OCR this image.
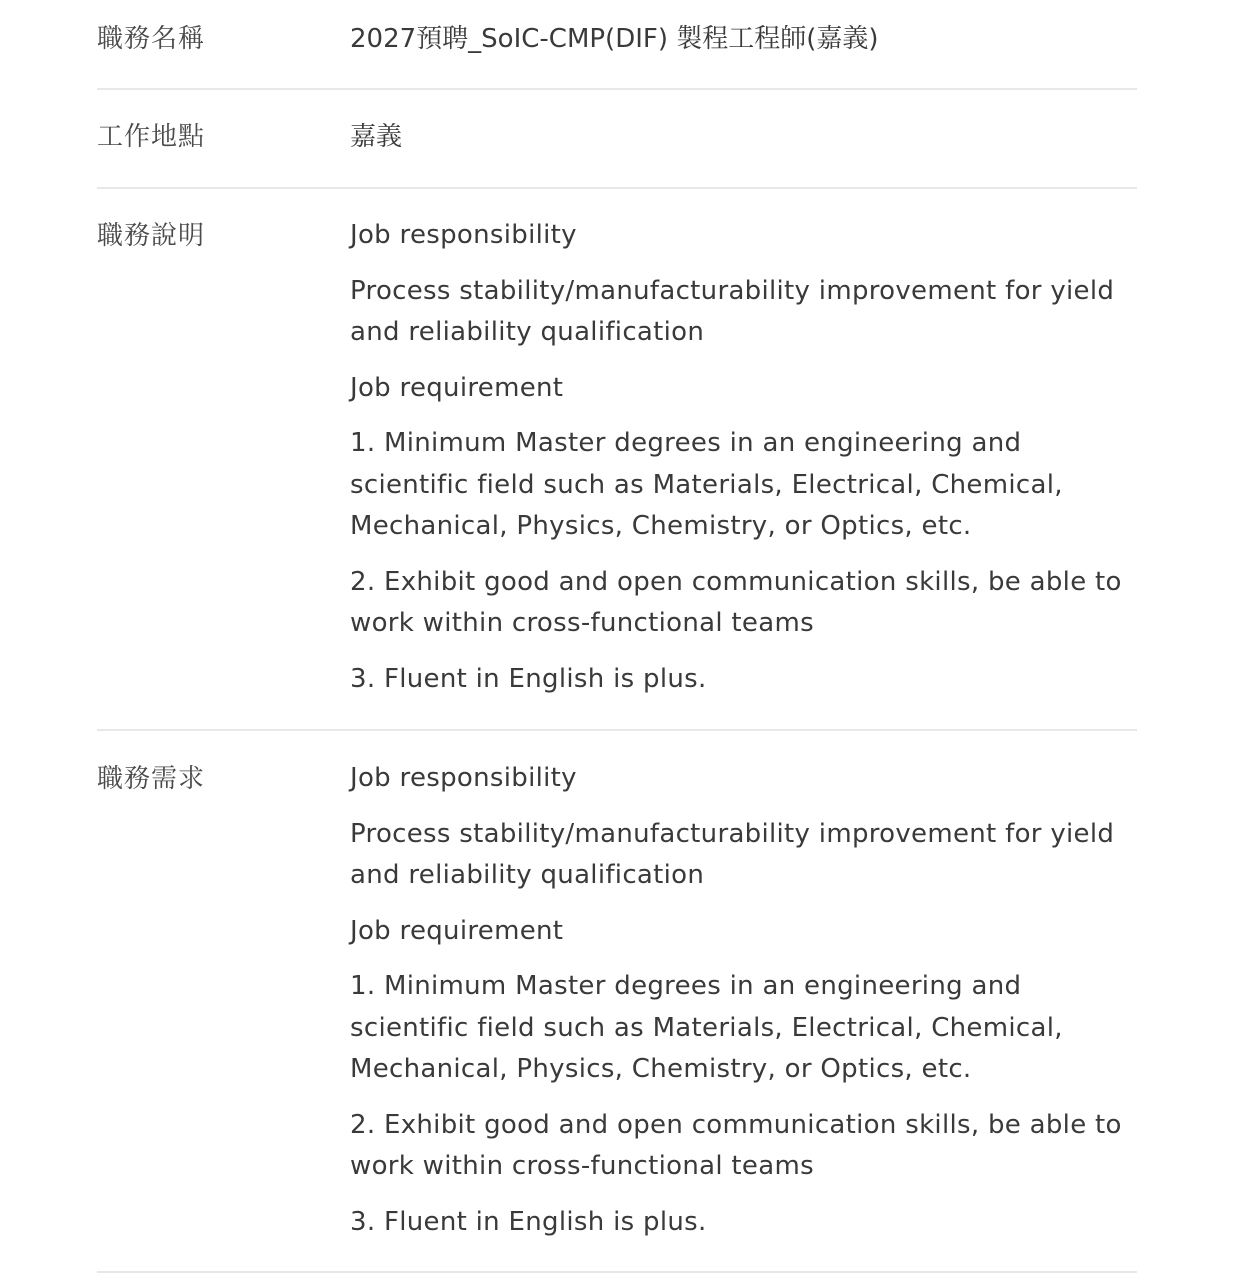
職務名稱	2027預聘_SoIC-CMP(DIF) 製程工程師(嘉義)
工作地點	嘉義
職務說明	Job responsibility

Process stability/manufacturability improvement for yield and reliability qualification

Job requirement

1. Minimum Master degrees in an engineering and scientific field such as Materials, Electrical, Chemical, Mechanical, Physics, Chemistry, or Optics, etc.

2. Exhibit good and open communication skills, be able to work within cross-functional teams

3. Fluent in English is plus.

職務需求	Job responsibility

Process stability/manufacturability improvement for yield and reliability qualification

Job requirement

1. Minimum Master degrees in an engineering and scientific field such as Materials, Electrical, Chemical, Mechanical, Physics, Chemistry, or Optics, etc.

2. Exhibit good and open communication skills, be able to work within cross-functional teams

3. Fluent in English is plus.
